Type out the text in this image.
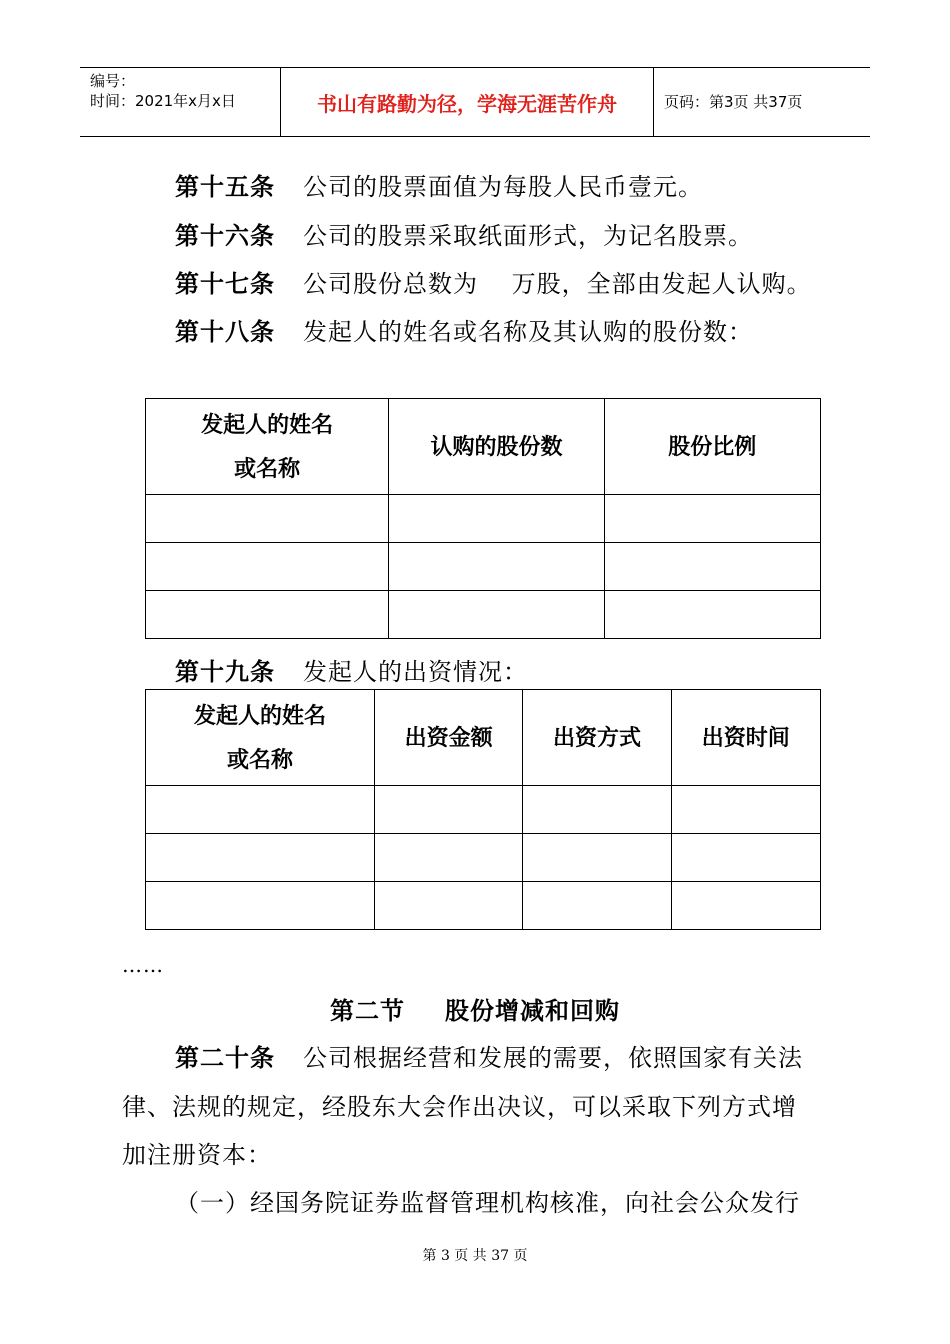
编号：
时间：2021年x月x日	书山有路勤为径，学海无涯苦作舟	页码：第3页 共37页
第十五条 公司的股票面值为每股人民币壹元。
第十六条 公司的股票采取纸面形式，为记名股票。
第十七条 公司股份总数为　 万股，全部由发起人认购。
第十八条 发起人的姓名或名称及其认购的股份数：
发起人的姓名
或名称	认购的股份数	股份比例

第十九条 发起人的出资情况：
发起人的姓名
或名称	出资金额	出资方式	出资时间

……
第二节 股份增减和回购
第二十条 公司根据经营和发展的需要，依照国家有关法
律、法规的规定，经股东大会作出决议，可以采取下列方式增
加注册资本：
（一）经国务院证券监督管理机构核准，向社会公众发行
第 3 页 共 37 页
